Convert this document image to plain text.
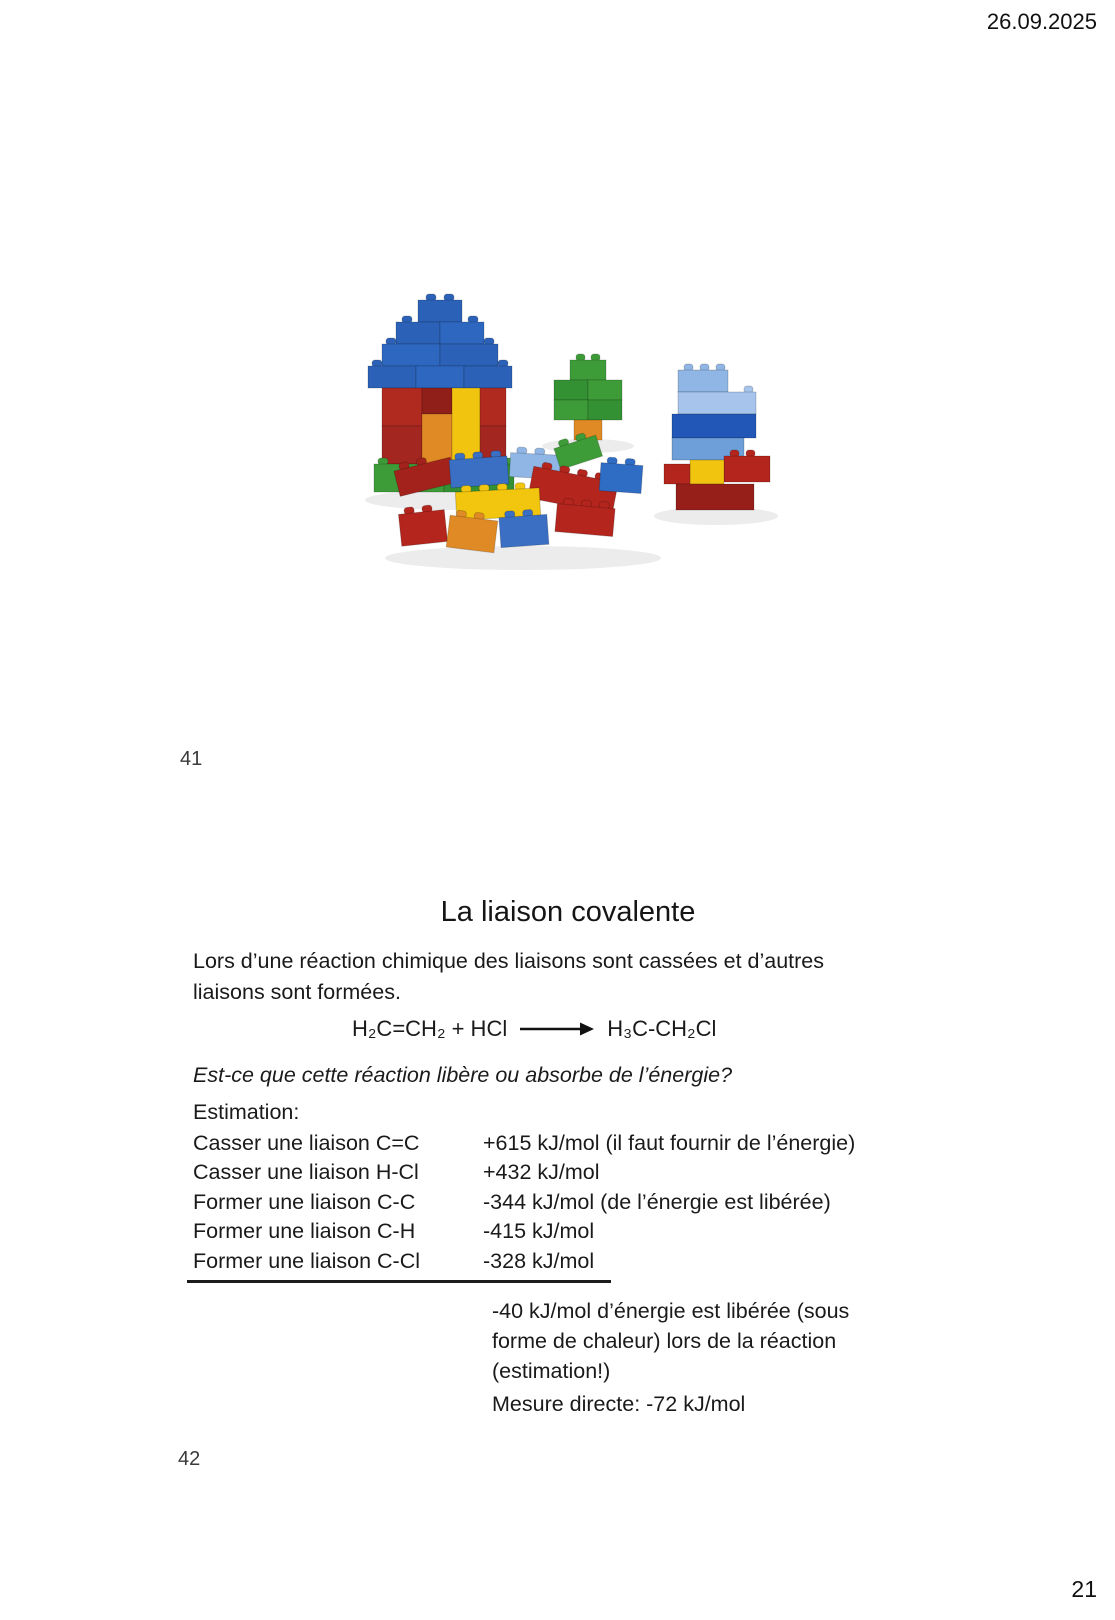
26.09.2025
41
La liaison covalente

Lors d’une réaction chimique des liaisons sont cassées et d’autres liaisons sont formées.

H₂C=CH₂ + HCl → H₃C-CH₂Cl

Est-ce que cette réaction libère ou absorbe de l’énergie?

Estimation:

Casser une liaison C=C	+615 kJ/mol (il faut fournir de l’énergie)
Casser une liaison H-Cl	+432 kJ/mol
Former une liaison C-C	-344 kJ/mol (de l’énergie est libérée)
Former une liaison C-H	-415 kJ/mol
Former une liaison C-Cl	-328 kJ/mol

-40 kJ/mol d’énergie est libérée (sous forme de chaleur) lors de la réaction (estimation!)

Mesure directe: -72 kJ/mol

42
21
